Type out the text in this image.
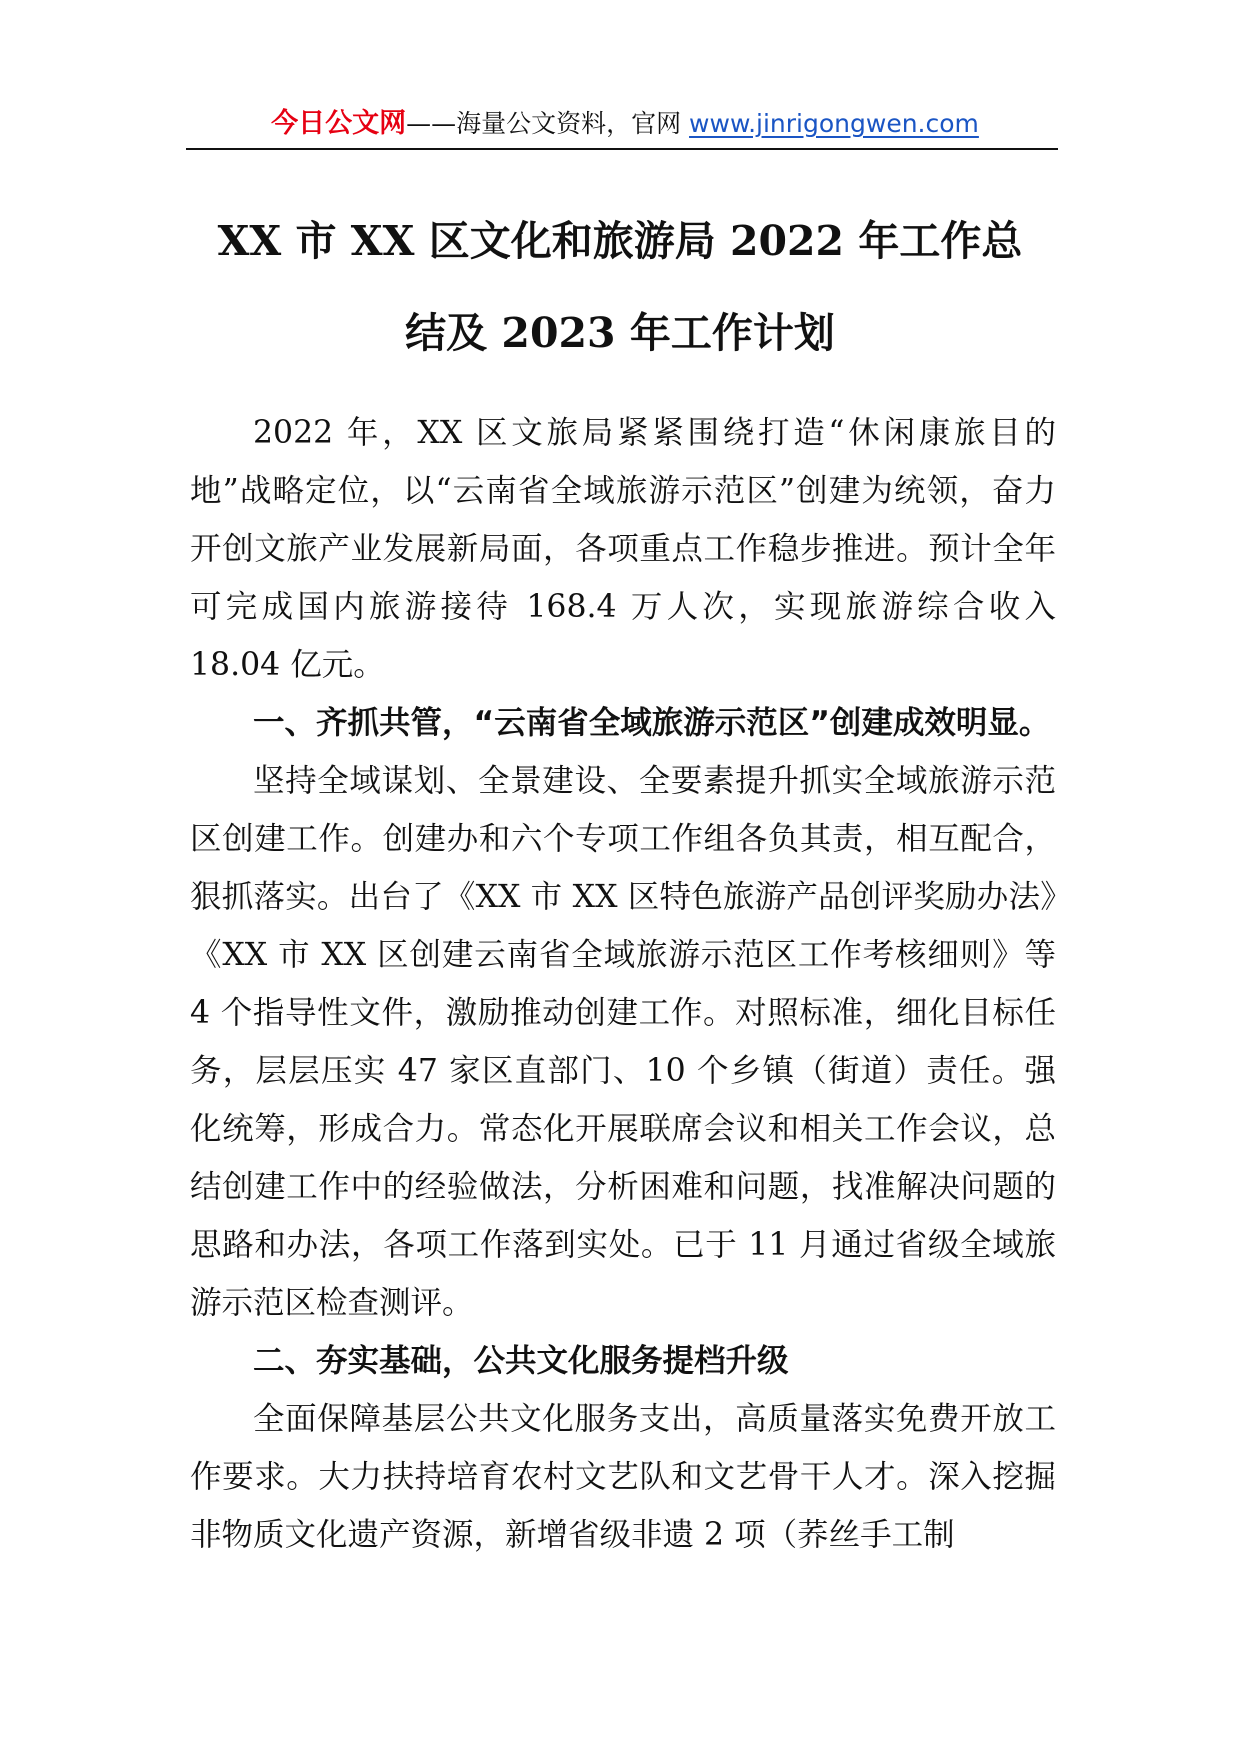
今日公文网——海量公文资料，官网 www.jinrigongwen.com
XX 市 XX 区文化和旅游局 2022 年工作总
结及 2023 年工作计划

2022 年，XX 区文旅局紧紧围绕打造“休闲康旅目的地”战略定位，以“云南省全域旅游示范区”创建为统领，奋力开创文旅产业发展新局面，各项重点工作稳步推进。预计全年可完成国内旅游接待 168.4 万人次，实现旅游综合收入 18.04 亿元。

一、齐抓共管，“云南省全域旅游示范区”创建成效明显。

坚持全域谋划、全景建设、全要素提升抓实全域旅游示范区创建工作。创建办和六个专项工作组各负其责，相互配合，狠抓落实。出台了《XX 市 XX 区特色旅游产品创评奖励办法》《XX 市 XX 区创建云南省全域旅游示范区工作考核细则》等 4 个指导性文件，激励推动创建工作。对照标准，细化目标任务，层层压实 47 家区直部门、10 个乡镇（街道）责任。强化统筹，形成合力。常态化开展联席会议和相关工作会议，总结创建工作中的经验做法，分析困难和问题，找准解决问题的思路和办法，各项工作落到实处。已于 11 月通过省级全域旅游示范区检查测评。

二、夯实基础，公共文化服务提档升级

全面保障基层公共文化服务支出，高质量落实免费开放工作要求。大力扶持培育农村文艺队和文艺骨干人才。深入挖掘非物质文化遗产资源，新增省级非遗 2 项（荞丝手工制
